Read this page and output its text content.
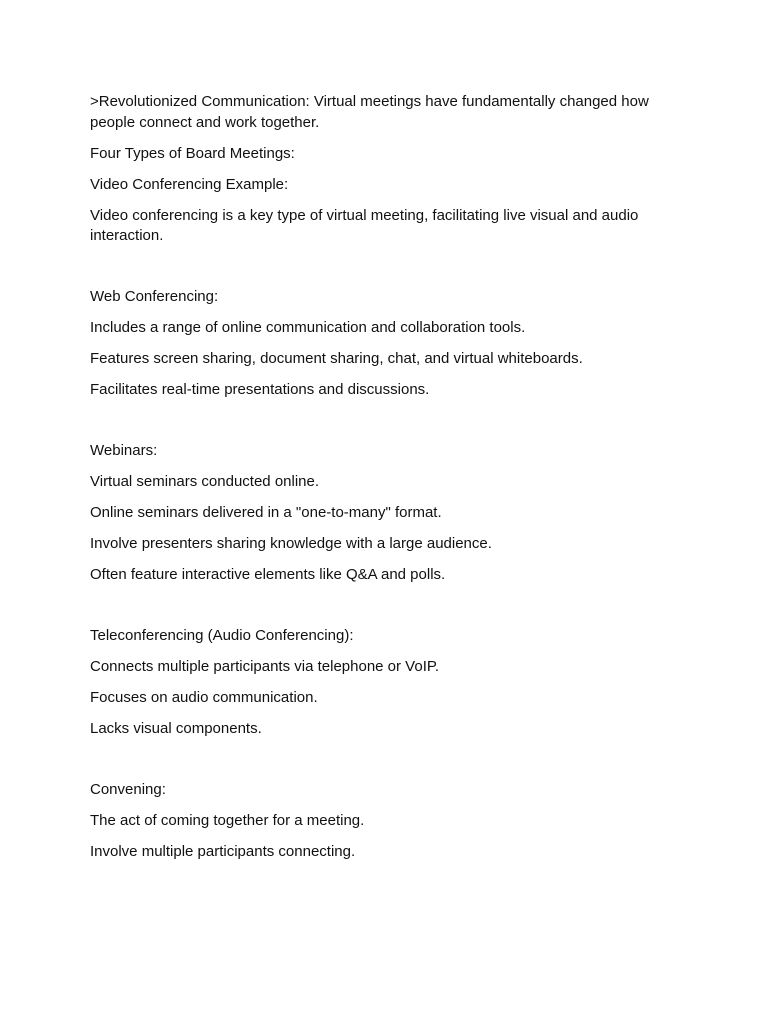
>Revolutionized Communication: Virtual meetings have fundamentally changed how people connect and work together.

Four Types of Board Meetings:

Video Conferencing Example:

Video conferencing is a key type of virtual meeting, facilitating live visual and audio interaction.

Web Conferencing:

Includes a range of online communication and collaboration tools.

Features screen sharing, document sharing, chat, and virtual whiteboards.

Facilitates real-time presentations and discussions.

Webinars:

Virtual seminars conducted online.

Online seminars delivered in a "one-to-many" format.

Involve presenters sharing knowledge with a large audience.

Often feature interactive elements like Q&A and polls.

Teleconferencing (Audio Conferencing):

Connects multiple participants via telephone or VoIP.

Focuses on audio communication.

Lacks visual components.

Convening:

The act of coming together for a meeting.

Involve multiple participants connecting.
